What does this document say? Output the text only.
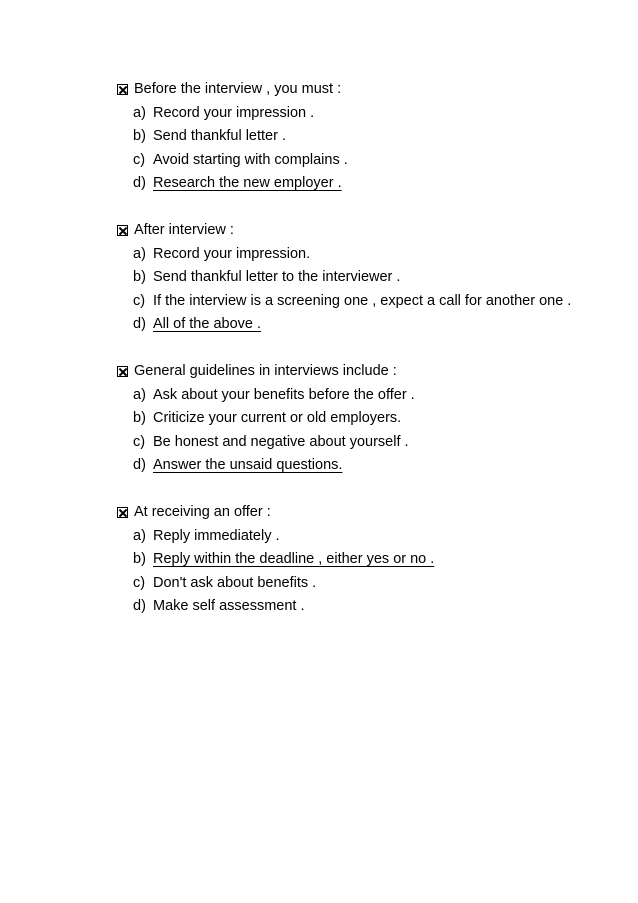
Before the interview , you must :
a) Record your impression .
b) Send thankful letter .
c) Avoid starting with complains .
d) Research the new employer .
After interview :
a) Record your impression.
b) Send thankful letter to the interviewer .
c) If the interview is a screening one , expect a call for another one .
d) All of the above .
General guidelines in interviews include :
a) Ask about your benefits before the offer .
b) Criticize your current or old employers.
c) Be honest and negative about yourself .
d) Answer the unsaid questions.
At receiving an offer :
a) Reply immediately .
b) Reply within the deadline , either yes or no .
c) Don't ask about benefits .
d) Make self assessment .
